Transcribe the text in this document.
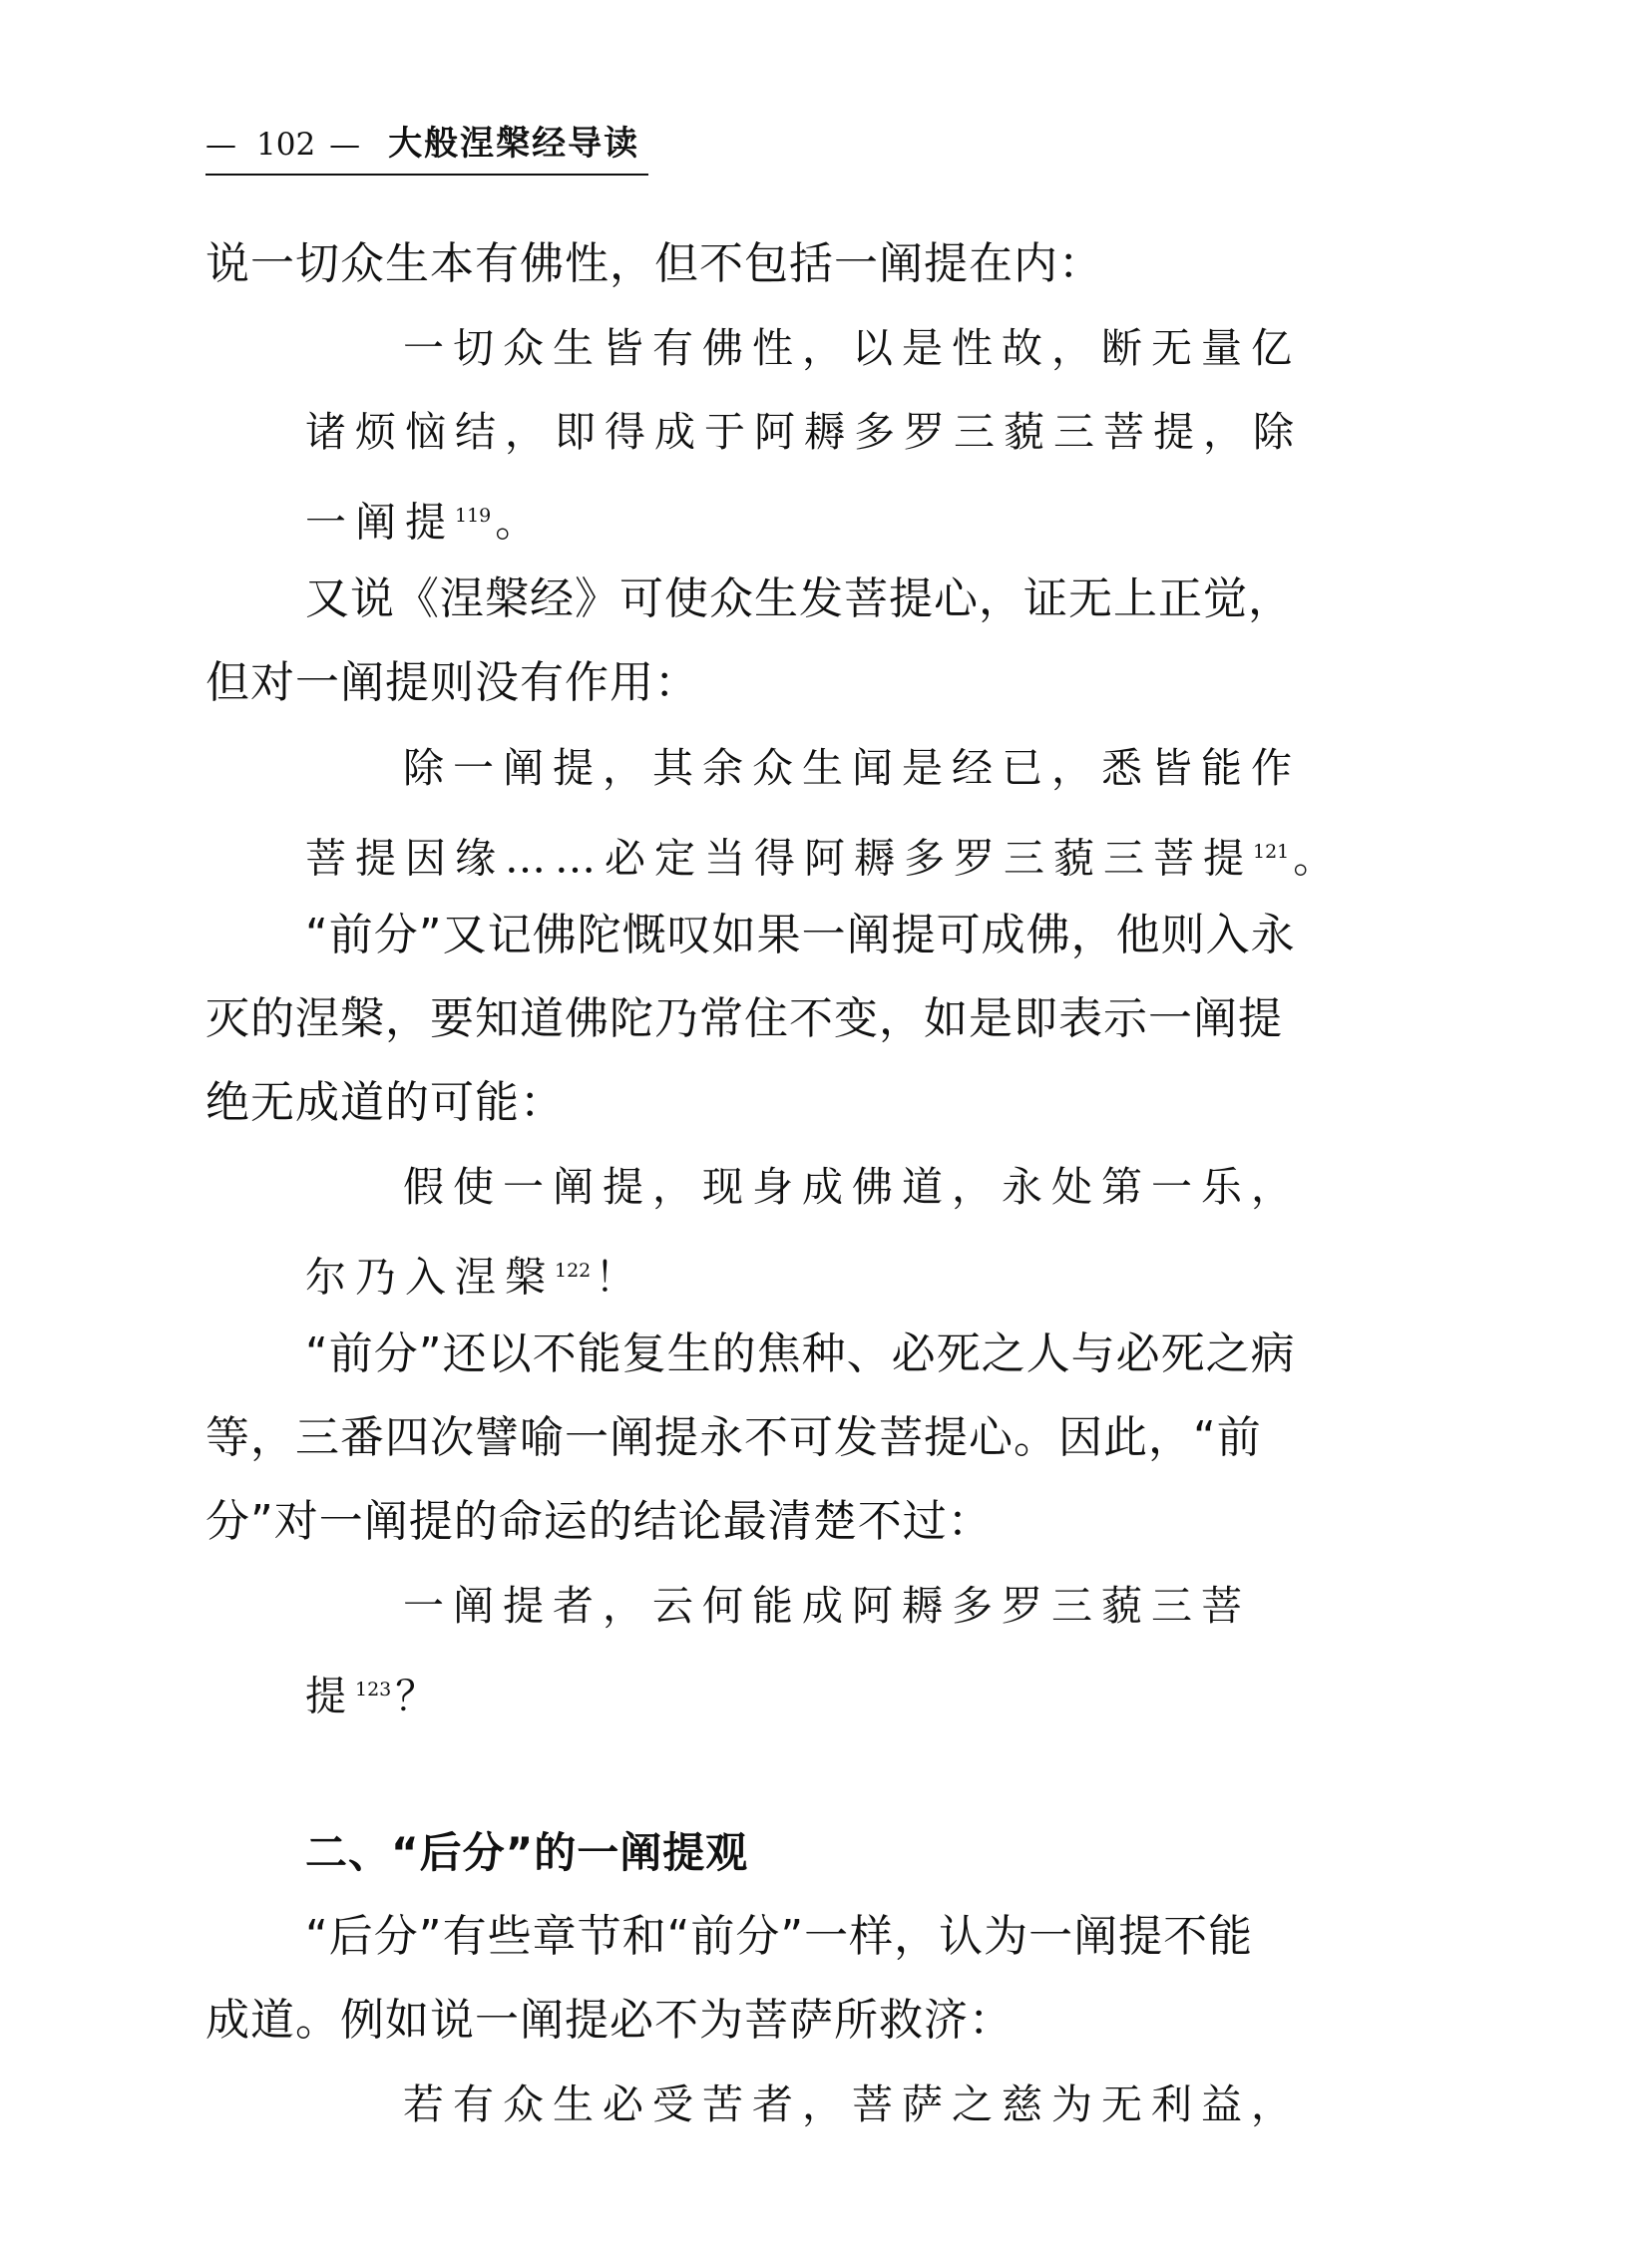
— 102 — 大般涅槃经导读

说一切众生本有佛性，但不包括一阐提在内：

一切众生皆有佛性，以是性故，断无量亿

诸烦恼结，即得成于阿耨多罗三藐三菩提，除

一阐提$^{119}$。

又说《涅槃经》可使众生发菩提心，证无上正觉，

但对一阐提则没有作用：

除一阐提，其余众生闻是经已，悉皆能作

菩提因缘……必定当得阿耨多罗三藐三菩提$^{121}$。

“前分”又记佛陀慨叹如果一阐提可成佛，他则入永

灭的涅槃，要知道佛陀乃常住不变，如是即表示一阐提

绝无成道的可能：

假使一阐提，现身成佛道，永处第一乐，

尔乃入涅槃$^{122}$！

“前分”还以不能复生的焦种、必死之人与必死之病

等，三番四次譬喻一阐提永不可发菩提心。因此，“前

分”对一阐提的命运的结论最清楚不过：

一阐提者，云何能成阿耨多罗三藐三菩

提$^{123}$？

二、“后分”的一阐提观

“后分”有些章节和“前分”一样，认为一阐提不能

成道。例如说一阐提必不为菩萨所救济：

若有众生必受苦者，菩萨之慈为无利益，
